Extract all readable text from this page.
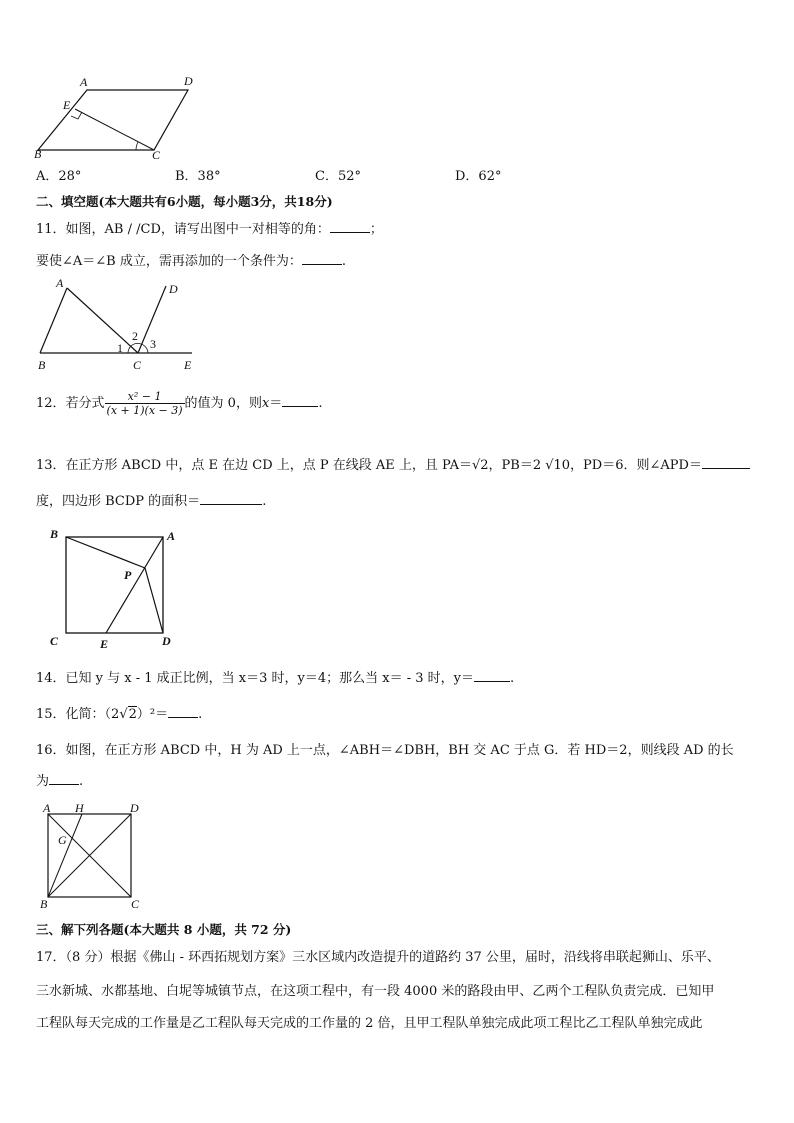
A	D
E
B	C
A．28°	B．38°	C．52°	D．62°
二、填空题(本大题共有6小题，每小题3分，共18分)
11．如图，AB / /CD，请写出图中一对相等的角：	；
要使∠A＝∠B 成立，需再添加的一个条件为：	.
A	D
B	C	E
1
2
3
12．若分式 $\frac{\text{x² − 1}}{(x + 1)(x - 3)}$ 的值为 0，则x＝	.
13．在正方形 ABCD 中，点 E 在边 CD 上，点 P 在线段 AE 上，且 PA＝√2，PB＝2 √10，PD＝6．则∠APD＝
度，四边形 BCDP 的面积＝	.
B	A
P
C	E	D
14．已知 y 与 x - 1 成正比例，当 x＝3 时，y＝4；那么当 x＝ - 3 时，y＝	.
15．化简：（2√2）²＝ .
16．如图，在正方形 ABCD 中，H 为 AD 上一点，∠ABH＝∠DBH，BH 交 AC 于点 G．若 HD＝2，则线段 AD 的长
为 .
A H	D
G
B	C
三、解下列各题(本大题共 8 小题，共 72 分)
17．（8 分）根据《佛山 - 环西拓规划方案》三水区域内改造提升的道路约 37 公里，届时，沿线将串联起狮山、乐平、
三水新城、水都基地、白坭等城镇节点，在这项工程中，有一段 4000 米的路段由甲、乙两个工程队负责完成．已知甲
工程队每天完成的工作量是乙工程队每天完成的工作量的 2 倍，且甲工程队单独完成此项工程比乙工程队单独完成此
